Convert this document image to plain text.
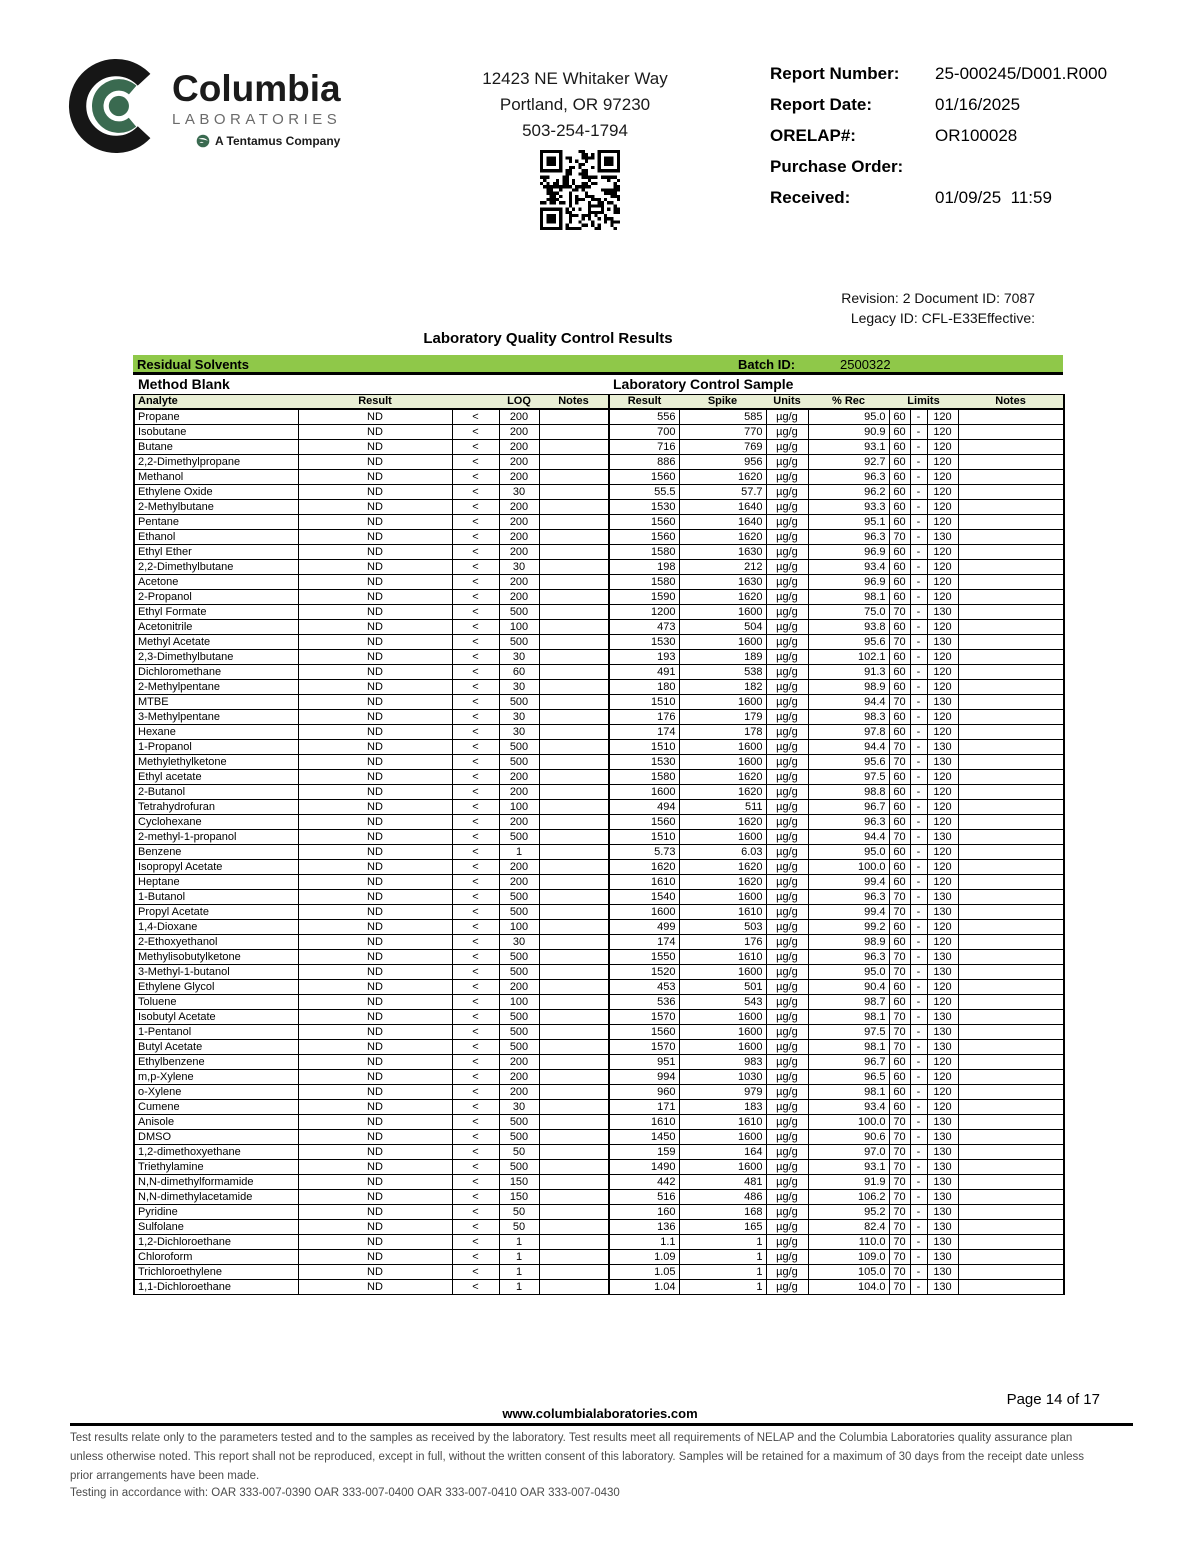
Columbia
LABORATORIES
A Tentamus Company
12423 NE Whitaker Way
Portland, OR 97230
503-254-1794
Report Number: 25-000245/D001.R000
Report Date:	01/16/2025
ORELAP#:	OR100028
Purchase Order:
Received:	01/09/25  11:59
Revision: 2 Document ID: 7087
Legacy ID: CFL-E33Effective:
Laboratory Quality Control Results
Residual Solvents	Batch ID:	2500322
Method Blank					Laboratory Control Sample							
Analyte	Result		LOQ	Notes	Result	Spike	Units	% Rec	Limits			Notes
Propane	ND	<	200		556	585	µg/g	95.0	60	-	120	
Isobutane	ND	<	200		700	770	µg/g	90.9	60	-	120	
Butane	ND	<	200		716	769	µg/g	93.1	60	-	120	
2,2-Dimethylpropane	ND	<	200		886	956	µg/g	92.7	60	-	120	
Methanol	ND	<	200		1560	1620	µg/g	96.3	60	-	120	
Ethylene Oxide	ND	<	30		55.5	57.7	µg/g	96.2	60	-	120	
2-Methylbutane	ND	<	200		1530	1640	µg/g	93.3	60	-	120	
Pentane	ND	<	200		1560	1640	µg/g	95.1	60	-	120	
Ethanol	ND	<	200		1560	1620	µg/g	96.3	70	-	130	
Ethyl Ether	ND	<	200		1580	1630	µg/g	96.9	60	-	120	
2,2-Dimethylbutane	ND	<	30		198	212	µg/g	93.4	60	-	120	
Acetone	ND	<	200		1580	1630	µg/g	96.9	60	-	120	
2-Propanol	ND	<	200		1590	1620	µg/g	98.1	60	-	120	
Ethyl Formate	ND	<	500		1200	1600	µg/g	75.0	70	-	130	
Acetonitrile	ND	<	100		473	504	µg/g	93.8	60	-	120	
Methyl Acetate	ND	<	500		1530	1600	µg/g	95.6	70	-	130	
2,3-Dimethylbutane	ND	<	30		193	189	µg/g	102.1	60	-	120	
Dichloromethane	ND	<	60		491	538	µg/g	91.3	60	-	120	
2-Methylpentane	ND	<	30		180	182	µg/g	98.9	60	-	120	
MTBE	ND	<	500		1510	1600	µg/g	94.4	70	-	130	
3-Methylpentane	ND	<	30		176	179	µg/g	98.3	60	-	120	
Hexane	ND	<	30		174	178	µg/g	97.8	60	-	120	
1-Propanol	ND	<	500		1510	1600	µg/g	94.4	70	-	130	
Methylethylketone	ND	<	500		1530	1600	µg/g	95.6	70	-	130	
Ethyl acetate	ND	<	200		1580	1620	µg/g	97.5	60	-	120	
2-Butanol	ND	<	200		1600	1620	µg/g	98.8	60	-	120	
Tetrahydrofuran	ND	<	100		494	511	µg/g	96.7	60	-	120	
Cyclohexane	ND	<	200		1560	1620	µg/g	96.3	60	-	120	
2-methyl-1-propanol	ND	<	500		1510	1600	µg/g	94.4	70	-	130	
Benzene	ND	<	1		5.73	6.03	µg/g	95.0	60	-	120	
Isopropyl Acetate	ND	<	200		1620	1620	µg/g	100.0	60	-	120	
Heptane	ND	<	200		1610	1620	µg/g	99.4	60	-	120	
1-Butanol	ND	<	500		1540	1600	µg/g	96.3	70	-	130	
Propyl Acetate	ND	<	500		1600	1610	µg/g	99.4	70	-	130	
1,4-Dioxane	ND	<	100		499	503	µg/g	99.2	60	-	120	
2-Ethoxyethanol	ND	<	30		174	176	µg/g	98.9	60	-	120	
Methylisobutylketone	ND	<	500		1550	1610	µg/g	96.3	70	-	130	
3-Methyl-1-butanol	ND	<	500		1520	1600	µg/g	95.0	70	-	130	
Ethylene Glycol	ND	<	200		453	501	µg/g	90.4	60	-	120	
Toluene	ND	<	100		536	543	µg/g	98.7	60	-	120	
Isobutyl Acetate	ND	<	500		1570	1600	µg/g	98.1	70	-	130	
1-Pentanol	ND	<	500		1560	1600	µg/g	97.5	70	-	130	
Butyl Acetate	ND	<	500		1570	1600	µg/g	98.1	70	-	130	
Ethylbenzene	ND	<	200		951	983	µg/g	96.7	60	-	120	
m,p-Xylene	ND	<	200		994	1030	µg/g	96.5	60	-	120	
o-Xylene	ND	<	200		960	979	µg/g	98.1	60	-	120	
Cumene	ND	<	30		171	183	µg/g	93.4	60	-	120	
Anisole	ND	<	500		1610	1610	µg/g	100.0	70	-	130	
DMSO	ND	<	500		1450	1600	µg/g	90.6	70	-	130	
1,2-dimethoxyethane	ND	<	50		159	164	µg/g	97.0	70	-	130	
Triethylamine	ND	<	500		1490	1600	µg/g	93.1	70	-	130	
N,N-dimethylformamide	ND	<	150		442	481	µg/g	91.9	70	-	130	
N,N-dimethylacetamide	ND	<	150		516	486	µg/g	106.2	70	-	130	
Pyridine	ND	<	50		160	168	µg/g	95.2	70	-	130	
Sulfolane	ND	<	50		136	165	µg/g	82.4	70	-	130	
1,2-Dichloroethane	ND	<	1		1.1	1	µg/g	110.0	70	-	130	
Chloroform	ND	<	1		1.09	1	µg/g	109.0	70	-	130	
Trichloroethylene	ND	<	1		1.05	1	µg/g	105.0	70	-	130	
1,1-Dichloroethane	ND	<	1		1.04	1	µg/g	104.0	70	-	130	
Page 14 of 17
www.columbialaboratories.com
Test results relate only to the parameters tested and to the samples as received by the laboratory. Test results meet all requirements of NELAP and the Columbia Laboratories quality assurance plan
unless otherwise noted. This report shall not be reproduced, except in full, without the written consent of this laboratory. Samples will be retained for a maximum of 30 days from the receipt date unless
prior arrangements have been made.
Testing in accordance with: OAR 333-007-0390 OAR 333-007-0400 OAR 333-007-0410 OAR 333-007-0430
